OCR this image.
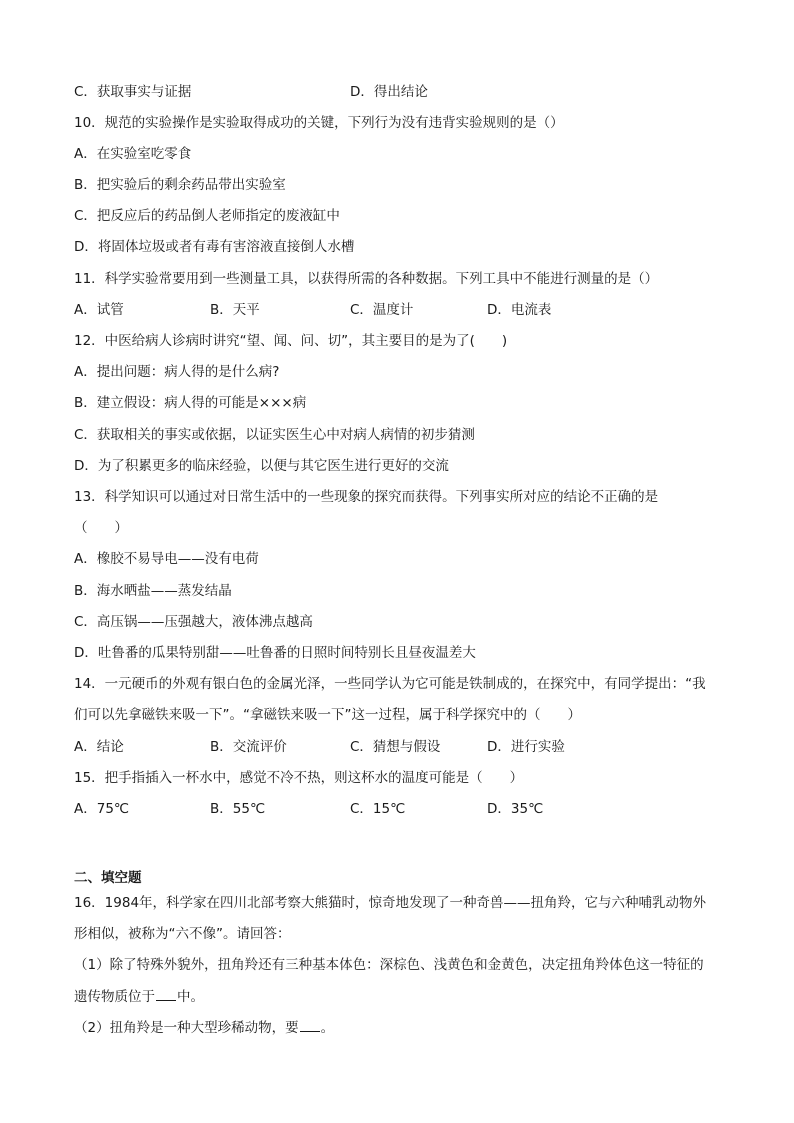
C．获取事实与证据	D．得出结论
10．规范的实验操作是实验取得成功的关键，下列行为没有违背实验规则的是（）
A．在实验室吃零食
B．把实验后的剩余药品带出实验室
C．把反应后的药品倒人老师指定的废液缸中
D．将固体垃圾或者有毒有害溶液直接倒人水槽
11．科学实验常要用到一些测量工具，以获得所需的各种数据。下列工具中不能进行测量的是（）
A．试管	B．天平	C．温度计	D．电流表
12．中医给病人诊病时讲究“望、闻、问、切”，其主要目的是为了(　　)
A．提出问题：病人得的是什么病?
B．建立假设：病人得的可能是×××病
C．获取相关的事实或依据，以证实医生心中对病人病情的初步猜测
D．为了积累更多的临床经验，以便与其它医生进行更好的交流
13．科学知识可以通过对日常生活中的一些现象的探究而获得。下列事实所对应的结论不正确的是
（　　）
A．橡胶不易导电——没有电荷
B．海水晒盐——蒸发结晶
C．高压锅——压强越大，液体沸点越高
D．吐鲁番的瓜果特别甜——吐鲁番的日照时间特别长且昼夜温差大
14．一元硬币的外观有银白色的金属光泽，一些同学认为它可能是铁制成的，在探究中，有同学提出：“我
们可以先拿磁铁来吸一下”。“拿磁铁来吸一下”这一过程，属于科学探究中的（　　）
A．结论	B．交流评价	C．猜想与假设	D．进行实验
15．把手指插入一杯水中，感觉不冷不热，则这杯水的温度可能是（　　）
A．75℃	B．55℃	C．15℃	D．35℃
二、填空题
16．1984年，科学家在四川北部考察大熊猫时，惊奇地发现了一种奇兽——扭角羚，它与六种哺乳动物外
形相似，被称为“六不像”。请回答：
（1）除了特殊外貌外，扭角羚还有三种基本体色：深棕色、浅黄色和金黄色，决定扭角羚体色这一特征的
遗传物质位于 中。
（2）扭角羚是一种大型珍稀动物，要 。
